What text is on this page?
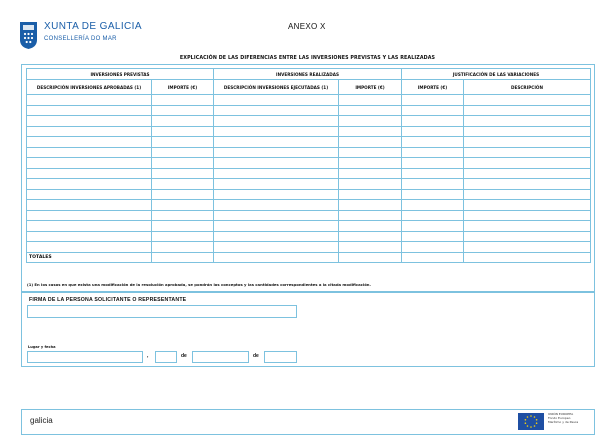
XUNTA DE GALICIA
CONSELLERÍA DO MAR
ANEXO X
EXPLICACIÓN DE LAS DIFERENCIAS ENTRE LAS INVERSIONES PREVISTAS Y LAS REALIZADAS
INVERSIONES PREVISTAS		INVERSIONES REALIZADAS		JUSTIFICACIÓN DE LAS VARIACIONES	
DESCRIPCIÓN INVERSIONES APROBADAS (1)	IMPORTE (€)	DESCRIPCIÓN INVERSIONES EJECUTADAS (1)	IMPORTE (€)	IMPORTE (€)	DESCRIPCIÓN

TOTALES					
(1) En los casos en que exista una modificación de la resolución aprobada, se pondrán los conceptos y las cantidades correspondientes a la citada modificación.
FIRMA DE LA PERSONA SOLICITANTE O REPRESENTANTE
Lugar y fecha
,	de	de
galicia
UNIÓN EUROPEA
Fondo Europeo
Marítimo y de Pesca
